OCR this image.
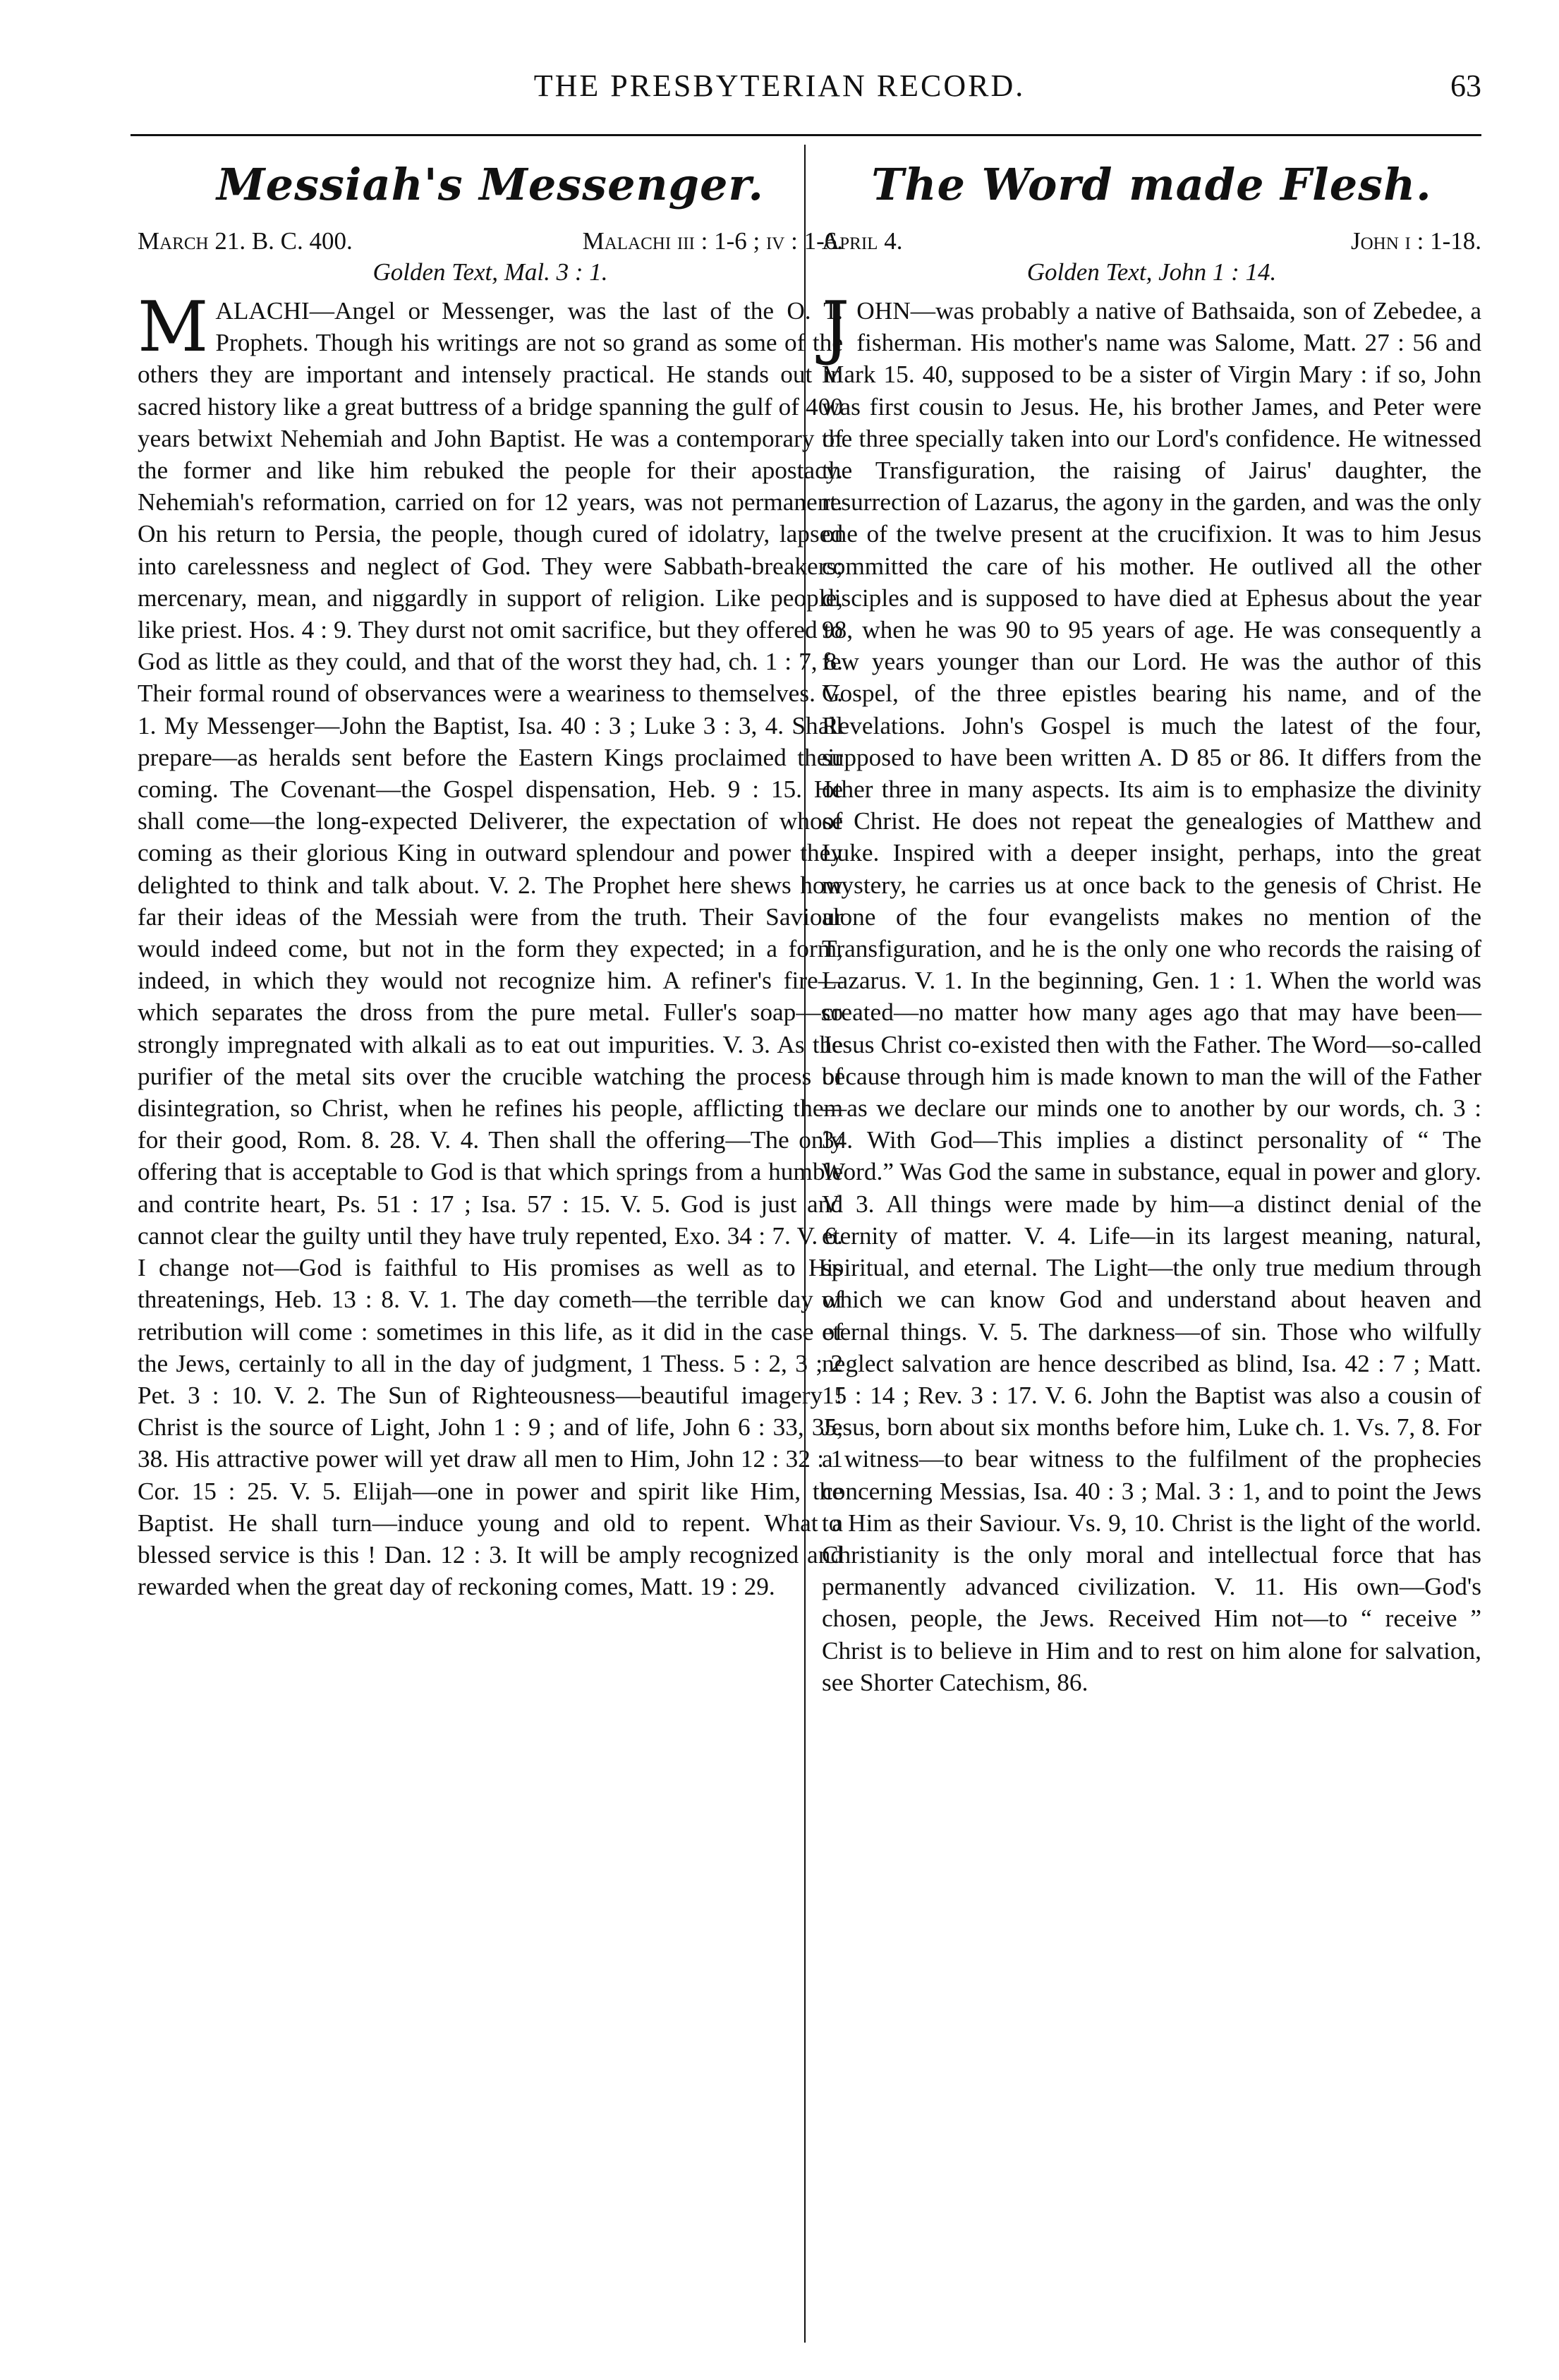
THE PRESBYTERIAN RECORD.	63
Messiah's Messenger.
March 21. B. C. 400.	Malachi iii : 1-6 ; iv : 1-6.
Golden Text, Mal. 3 : 1.
M ALACHI—Angel or Messenger, was the last of the O. T. Prophets. Though his writings are not so grand as some of the others they are important and intensely practical. He stands out in sacred history like a great buttress of a bridge spanning the gulf of 400 years betwixt Nehemiah and John Baptist. He was a contemporary of the former and like him rebuked the people for their apostacy. Nehemiah's reformation, carried on for 12 years, was not permanent. On his return to Persia, the people, though cured of idolatry, lapsed into carelessness and neglect of God. They were Sabbath-breakers; mercenary, mean, and niggardly in support of religion. Like people, like priest. Hos. 4 : 9. They durst not omit sacrifice, but they offered to God as little as they could, and that of the worst they had, ch. 1 : 7, 8. Their formal round of observances were a weariness to themselves. V. 1. My Messenger—John the Baptist, Isa. 40 : 3 ; Luke 3 : 3, 4. Shall prepare—as heralds sent before the Eastern Kings proclaimed their coming. The Covenant—the Gospel dispensation, Heb. 9 : 15. He shall come—the long-expected Deliverer, the expectation of whose coming as their glorious King in outward splendour and power they delighted to think and talk about. V. 2. The Prophet here shews how far their ideas of the Messiah were from the truth. Their Saviour would indeed come, but not in the form they expected; in a form, indeed, in which they would not recognize him. A refiner's fire—which separates the dross from the pure metal. Fuller's soap—so strongly impregnated with alkali as to eat out impurities. V. 3. As the purifier of the metal sits over the crucible watching the process of disintegration, so Christ, when he refines his people, afflicting them for their good, Rom. 8. 28. V. 4. Then shall the offering—The only offering that is acceptable to God is that which springs from a humble and contrite heart, Ps. 51 : 17 ; Isa. 57 : 15. V. 5. God is just and cannot clear the guilty until they have truly repented, Exo. 34 : 7. V. 6. I change not—God is faithful to His promises as well as to His threatenings, Heb. 13 : 8. V. 1. The day cometh—the terrible day of retribution will come : sometimes in this life, as it did in the case of the Jews, certainly to all in the day of judgment, 1 Thess. 5 : 2, 3 ; 2 Pet. 3 : 10. V. 2. The Sun of Righteousness—beautiful imagery ! Christ is the source of Light, John 1 : 9 ; and of life, John 6 : 33, 35, 38. His attractive power will yet draw all men to Him, John 12 : 32 : 1 Cor. 15 : 25. V. 5. Elijah—one in power and spirit like Him, the Baptist. He shall turn—induce young and old to repent. What a blessed service is this ! Dan. 12 : 3. It will be amply recognized and rewarded when the great day of reckoning comes, Matt. 19 : 29.

The Word made Flesh.
April 4.	John i : 1-18.
Golden Text, John 1 : 14.
J OHN—was probably a native of Bathsaida, son of Zebedee, a fisherman. His mother's name was Salome, Matt. 27 : 56 and Mark 15. 40, supposed to be a sister of Virgin Mary : if so, John was first cousin to Jesus. He, his brother James, and Peter were the three specially taken into our Lord's confidence. He witnessed the Transfiguration, the raising of Jairus' daughter, the resurrection of Lazarus, the agony in the garden, and was the only one of the twelve present at the crucifixion. It was to him Jesus committed the care of his mother. He outlived all the other disciples and is supposed to have died at Ephesus about the year 98, when he was 90 to 95 years of age. He was consequently a few years younger than our Lord. He was the author of this Gospel, of the three epistles bearing his name, and of the Revelations. John's Gospel is much the latest of the four, supposed to have been written A. D 85 or 86. It differs from the other three in many aspects. Its aim is to emphasize the divinity of Christ. He does not repeat the genealogies of Matthew and Luke. Inspired with a deeper insight, perhaps, into the great mystery, he carries us at once back to the genesis of Christ. He alone of the four evangelists makes no mention of the Transfiguration, and he is the only one who records the raising of Lazarus. V. 1. In the beginning, Gen. 1 : 1. When the world was created—no matter how many ages ago that may have been—Jesus Christ co-existed then with the Father. The Word—so-called because through him is made known to man the will of the Father—as we declare our minds one to another by our words, ch. 3 : 34. With God—This implies a distinct personality of “ The Word.” Was God the same in substance, equal in power and glory. V. 3. All things were made by him—a distinct denial of the eternity of matter. V. 4. Life—in its largest meaning, natural, spiritual, and eternal. The Light—the only true medium through which we can know God and understand about heaven and eternal things. V. 5. The darkness—of sin. Those who wilfully neglect salvation are hence described as blind, Isa. 42 : 7 ; Matt. 15 : 14 ; Rev. 3 : 17. V. 6. John the Baptist was also a cousin of Jesus, born about six months before him, Luke ch. 1. Vs. 7, 8. For a witness—to bear witness to the fulfilment of the prophecies concerning Messias, Isa. 40 : 3 ; Mal. 3 : 1, and to point the Jews to Him as their Saviour. Vs. 9, 10. Christ is the light of the world. Christianity is the only moral and intellectual force that has permanently advanced civilization. V. 11. His own—God's chosen, people, the Jews. Received Him not—to “ receive ” Christ is to believe in Him and to rest on him alone for salvation, see Shorter Catechism, 86.
